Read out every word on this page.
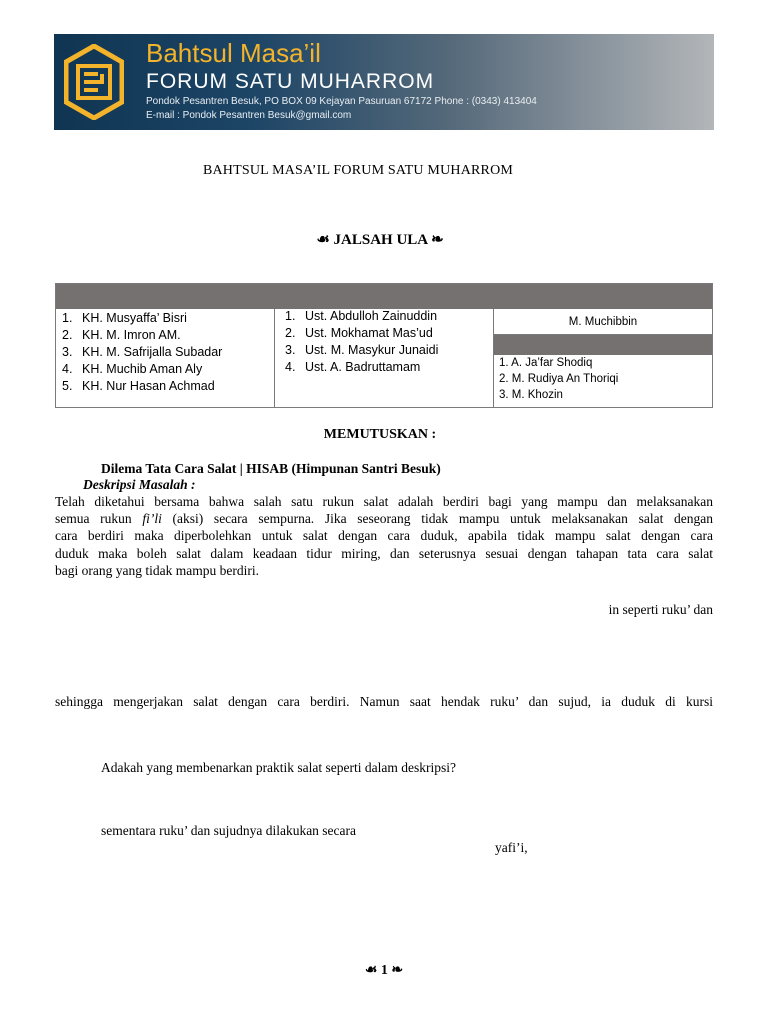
Bahtsul Masa’il
FORUM SATU MUHARROM
Pondok Pesantren Besuk, PO BOX 09 Kejayan Pasuruan 67172 Phone : (0343) 413404
E-mail : Pondok Pesantren Besuk@gmail.com
BAHTSUL MASA’IL FORUM SATU MUHARROM
☙ JALSAH ULA ❧
1. KH. Musyaffa’ Bisri
2. KH. M. Imron AM.
3. KH. M. Safrijalla Subadar
4. KH. Muchib Aman Aly
5. KH. Nur Hasan Achmad
1. Ust. Abdulloh Zainuddin
2. Ust. Mokhamat Mas’ud
3. Ust. M. Masykur Junaidi
4. Ust. A. Badruttamam
M. Muchibbin
1. A. Ja’far Shodiq
2. M. Rudiya An Thoriqi
3. M. Khozin
MEMUTUSKAN :
Dilema Tata Cara Salat | HISAB (Himpunan Santri Besuk)
Deskripsi Masalah :
Telah diketahui bersama bahwa salah satu rukun salat adalah berdiri bagi yang mampu dan melaksanakan
semua rukun fi’li (aksi) secara sempurna. Jika seseorang tidak mampu untuk melaksanakan salat dengan
cara berdiri maka diperbolehkan untuk salat dengan cara duduk, apabila tidak mampu salat dengan cara
duduk maka boleh salat dalam keadaan tidur miring, dan seterusnya sesuai dengan tahapan tata cara salat
bagi orang yang tidak mampu berdiri.
in seperti ruku’ dan
sehingga mengerjakan salat dengan cara berdiri. Namun saat hendak ruku’ dan sujud, ia duduk di kursi
Adakah yang membenarkan praktik salat seperti dalam deskripsi?
sementara ruku’ dan sujudnya dilakukan secara
yafi’i,
☙ 1 ❧
